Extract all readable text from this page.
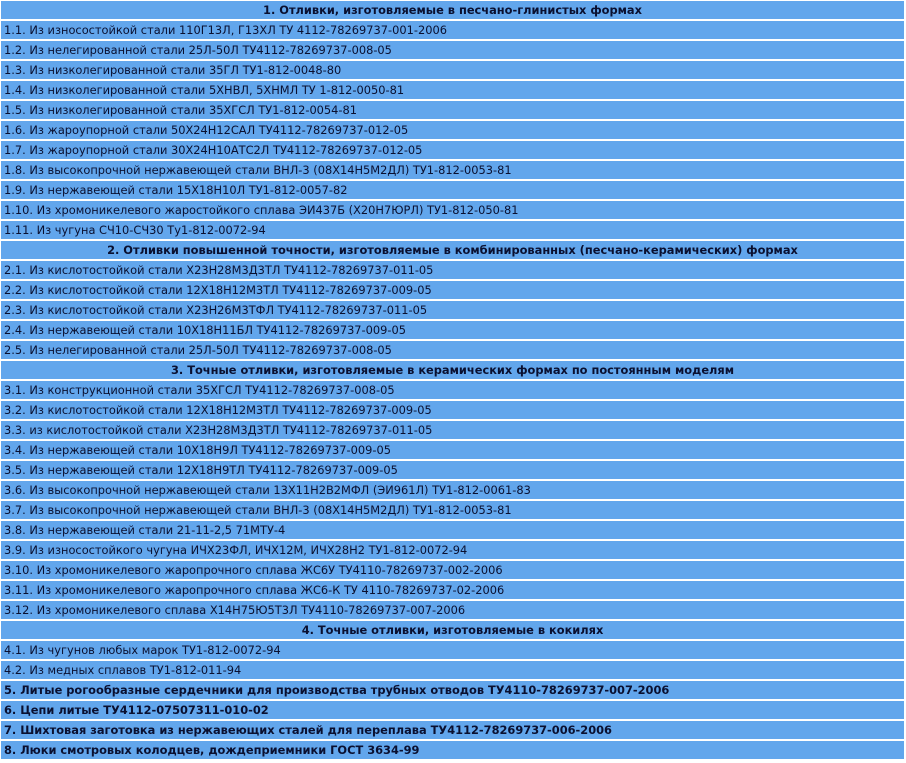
1. Отливки, изготовляемые в песчано-глинистых формах
1.1. Из износостойкой стали 110Г13Л, Г13ХЛ ТУ 4112-78269737-001-2006
1.2. Из нелегированной стали 25Л-50Л ТУ4112-78269737-008-05
1.3. Из низколегированной стали 35ГЛ ТУ1-812-0048-80
1.4. Из низколегированной стали 5ХНВЛ, 5ХНМЛ ТУ 1-812-0050-81
1.5. Из низколегированной стали 35ХГСЛ ТУ1-812-0054-81
1.6. Из жароупорной стали 50Х24Н12САЛ ТУ4112-78269737-012-05
1.7. Из жароупорной стали 30Х24Н10АТС2Л ТУ4112-78269737-012-05
1.8. Из высокопрочной нержавеющей стали ВНЛ-3 (08Х14Н5М2ДЛ) ТУ1-812-0053-81
1.9. Из нержавеющей стали 15Х18Н10Л ТУ1-812-0057-82
1.10. Из хромоникелевого жаростойкого сплава ЭИ437Б (Х20Н7ЮРЛ) ТУ1-812-050-81
1.11. Из чугуна СЧ10-СЧ30 Ту1-812-0072-94
2. Отливки повышенной точности, изготовляемые в комбинированных (песчано-керамических) формах
2.1. Из кислотостойкой стали Х23Н28М3Д3ТЛ ТУ4112-78269737-011-05
2.2. Из кислотостойкой стали 12Х18Н12М3ТЛ ТУ4112-78269737-009-05
2.3. Из кислотостойкой стали Х23Н26М3ТФЛ ТУ4112-78269737-011-05
2.4. Из нержавеющей стали 10Х18Н11БЛ ТУ4112-78269737-009-05
2.5. Из нелегированной стали 25Л-50Л ТУ4112-78269737-008-05
3. Точные отливки, изготовляемые в керамических формах по постоянным моделям
3.1. Из конструкционной стали 35ХГСЛ ТУ4112-78269737-008-05
3.2. Из кислотостойкой стали 12Х18Н12М3ТЛ ТУ4112-78269737-009-05
3.3. из кислотостойкой стали Х23Н28М3Д3ТЛ ТУ4112-78269737-011-05
3.4. Из нержавеющей стали 10Х18Н9Л ТУ4112-78269737-009-05
3.5. Из нержавеющей стали 12Х18Н9ТЛ ТУ4112-78269737-009-05
3.6. Из высокопрочной нержавеющей стали 13Х11Н2В2МФЛ (ЭИ961Л) ТУ1-812-0061-83
3.7. Из высокопрочной нержавеющей стали ВНЛ-3 (08Х14Н5М2ДЛ) ТУ1-812-0053-81
3.8. Из нержавеющей стали 21-11-2,5 71МТУ-4
3.9. Из износостойкого чугуна ИЧХ23ФЛ, ИЧХ12М, ИЧХ28Н2 ТУ1-812-0072-94
3.10. Из хромоникелевого жаропрочного сплава ЖС6У ТУ4110-78269737-002-2006
3.11. Из хромоникелевого жаропрочного сплава ЖС6-К ТУ 4110-78269737-02-2006
3.12. Из хромоникелевого сплава Х14Н75Ю5Т3Л ТУ4110-78269737-007-2006
4. Точные отливки, изготовляемые в кокилях
4.1. Из чугунов любых марок ТУ1-812-0072-94
4.2. Из медных сплавов ТУ1-812-011-94
5. Литые рогообразные сердечники для производства трубных отводов ТУ4110-78269737-007-2006
6. Цепи литые ТУ4112-07507311-010-02
7. Шихтовая заготовка из нержавеющих сталей для переплава ТУ4112-78269737-006-2006
8. Люки смотровых колодцев, дождеприемники ГОСТ 3634-99
